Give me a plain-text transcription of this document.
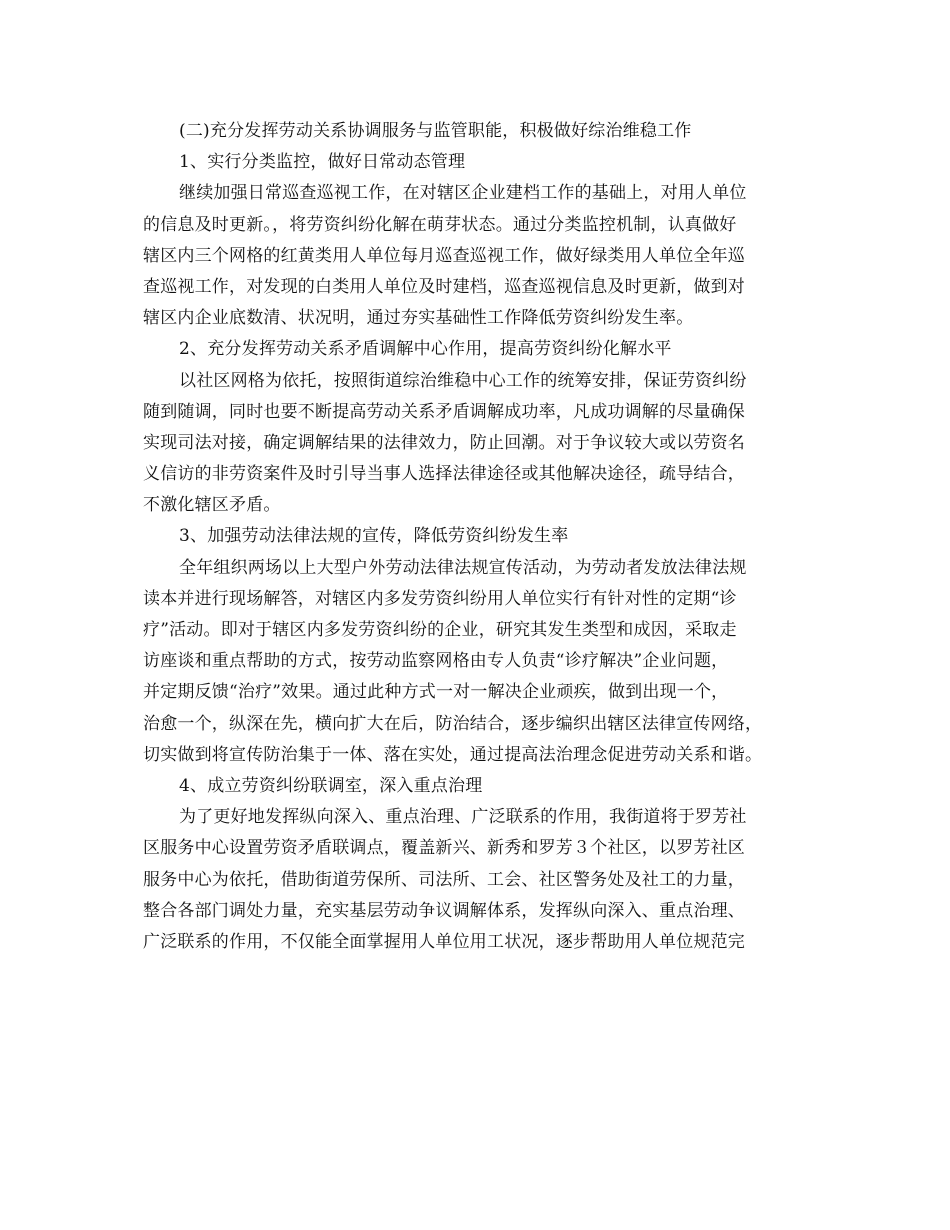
(二)充分发挥劳动关系协调服务与监管职能，积极做好综治维稳工作
1、实行分类监控，做好日常动态管理
继续加强日常巡查巡视工作，在对辖区企业建档工作的基础上，对用人单位
的信息及时更新。，将劳资纠纷化解在萌芽状态。通过分类监控机制，认真做好
辖区内三个网格的红黄类用人单位每月巡查巡视工作，做好绿类用人单位全年巡
查巡视工作，对发现的白类用人单位及时建档，巡查巡视信息及时更新，做到对
辖区内企业底数清、状况明，通过夯实基础性工作降低劳资纠纷发生率。
2、充分发挥劳动关系矛盾调解中心作用，提高劳资纠纷化解水平
以社区网格为依托，按照街道综治维稳中心工作的统筹安排，保证劳资纠纷
随到随调，同时也要不断提高劳动关系矛盾调解成功率，凡成功调解的尽量确保
实现司法对接，确定调解结果的法律效力，防止回潮。对于争议较大或以劳资名
义信访的非劳资案件及时引导当事人选择法律途径或其他解决途径，疏导结合，
不激化辖区矛盾。
3、加强劳动法律法规的宣传，降低劳资纠纷发生率
全年组织两场以上大型户外劳动法律法规宣传活动，为劳动者发放法律法规
读本并进行现场解答，对辖区内多发劳资纠纷用人单位实行有针对性的定期“诊
疗”活动。即对于辖区内多发劳资纠纷的企业，研究其发生类型和成因，采取走
访座谈和重点帮助的方式，按劳动监察网格由专人负责“诊疗解决”企业问题，
并定期反馈“治疗”效果。通过此种方式一对一解决企业顽疾，做到出现一个，
治愈一个，纵深在先，横向扩大在后，防治结合，逐步编织出辖区法律宣传网络，
切实做到将宣传防治集于一体、落在实处，通过提高法治理念促进劳动关系和谐。
4、成立劳资纠纷联调室，深入重点治理
为了更好地发挥纵向深入、重点治理、广泛联系的作用，我街道将于罗芳社
区服务中心设置劳资矛盾联调点，覆盖新兴、新秀和罗芳３个社区，以罗芳社区
服务中心为依托，借助街道劳保所、司法所、工会、社区警务处及社工的力量，
整合各部门调处力量，充实基层劳动争议调解体系，发挥纵向深入、重点治理、
广泛联系的作用，不仅能全面掌握用人单位用工状况，逐步帮助用人单位规范完
